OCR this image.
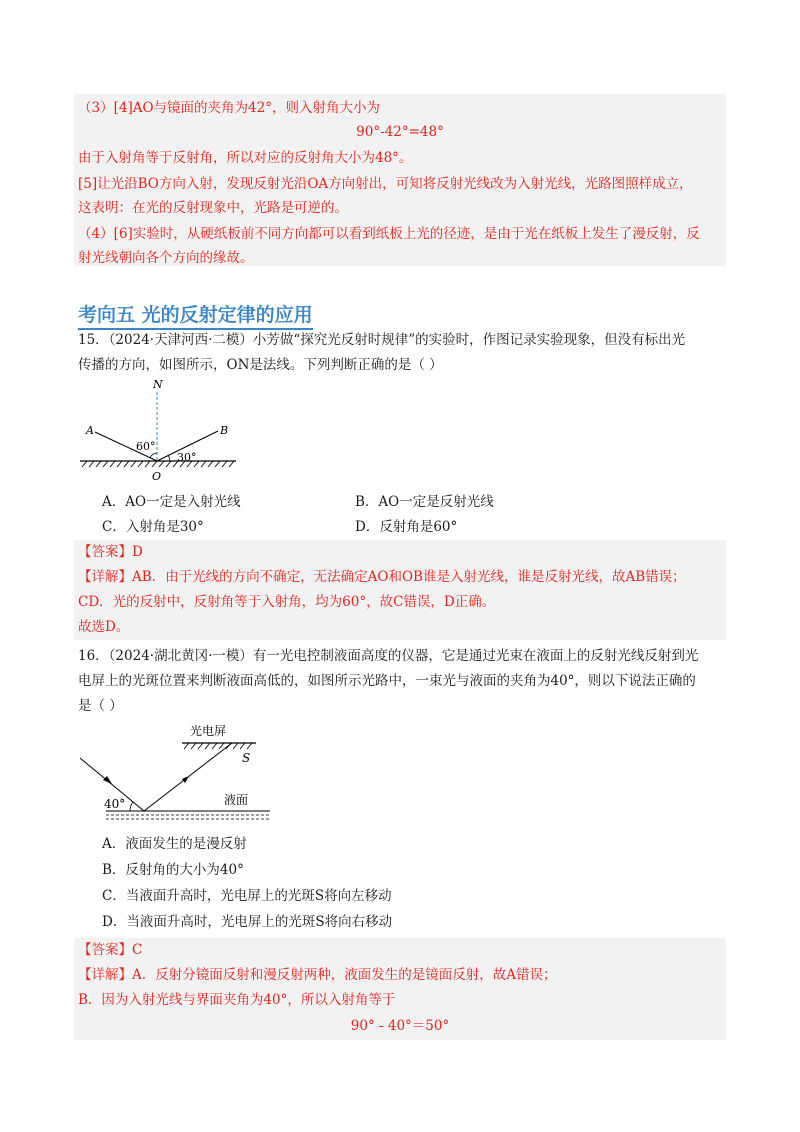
（3）[4]AO与镜面的夹角为42°，则入射角大小为
90°-42°=48°
由于入射角等于反射角，所以对应的反射角大小为48°。
[5]让光沿BO方向入射，发现反射光沿OA方向射出，可知将反射光线改为入射光线，光路图照样成立，
这表明：在光的反射现象中，光路是可逆的。
（4）[6]实验时，从硬纸板前不同方向都可以看到纸板上光的径迹，是由于光在纸板上发生了漫反射，反
射光线朝向各个方向的缘故。
考向五 光的反射定律的应用
15．（2024·天津河西·二模）小芳做“探究光反射时规律”的实验时，作图记录实验现象，但没有标出光
传播的方向，如图所示，ON是法线。下列判断正确的是（ ）
N
A	B
O
60°
30°
A．AO一定是入射光线	B．AO一定是反射光线
C．入射角是30°	D．反射角是60°
【答案】D
【详解】AB．由于光线的方向不确定，无法确定AO和OB谁是入射光线，谁是反射光线，故AB错误；
CD．光的反射中，反射角等于入射角，均为60°，故C错误，D正确。
故选D。
16．（2024·湖北黄冈·一模）有一光电控制液面高度的仪器，它是通过光束在液面上的反射光线反射到光
电屏上的光斑位置来判断液面高低的，如图所示光路中，一束光与液面的夹角为40°，则以下说法正确的
是（ ）
光电屏
S
液面
40°
A．液面发生的是漫反射
B．反射角的大小为40°
C．当液面升高时，光电屏上的光斑S将向左移动
D．当液面升高时，光电屏上的光斑S将向右移动
【答案】C
【详解】A．反射分镜面反射和漫反射两种，液面发生的是镜面反射，故A错误；
B．因为入射光线与界面夹角为40°，所以入射角等于
90° - 40°＝50°
